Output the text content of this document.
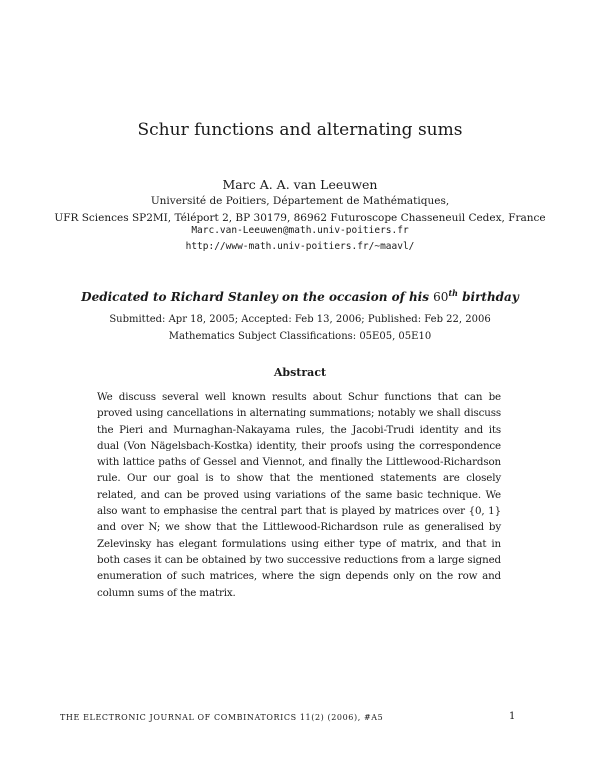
Schur functions and alternating sums
Marc A. A. van Leeuwen
Université de Poitiers, Département de Mathématiques,
UFR Sciences SP2MI, Téléport 2, BP 30179, 86962 Futuroscope Chasseneuil Cedex, France
Marc.van-Leeuwen@math.univ-poitiers.fr
http://www-math.univ-poitiers.fr/~maavl/
Dedicated to Richard Stanley on the occasion of his 60th birthday
Submitted: Apr 18, 2005; Accepted: Feb 13, 2006; Published: Feb 22, 2006
Mathematics Subject Classifications: 05E05, 05E10
Abstract
We discuss several well known results about Schur functions that can be proved using cancellations in alternating summations; notably we shall discuss the Pieri and Murnaghan-Nakayama rules, the Jacobi-Trudi identity and its dual (Von Nägelsbach-Kostka) identity, their proofs using the correspondence with lattice paths of Gessel and Viennot, and finally the Littlewood-Richardson rule. Our our goal is to show that the mentioned statements are closely related, and can be proved using variations of the same basic technique. We also want to emphasise the central part that is played by matrices over {0, 1} and over N; we show that the Littlewood-Richardson rule as generalised by Zelevinsky has elegant formulations using either type of matrix, and that in both cases it can be obtained by two successive reductions from a large signed enumeration of such matrices, where the sign depends only on the row and column sums of the matrix.
THE ELECTRONIC JOURNAL OF COMBINATORICS 11(2) (2006), #A5	1
